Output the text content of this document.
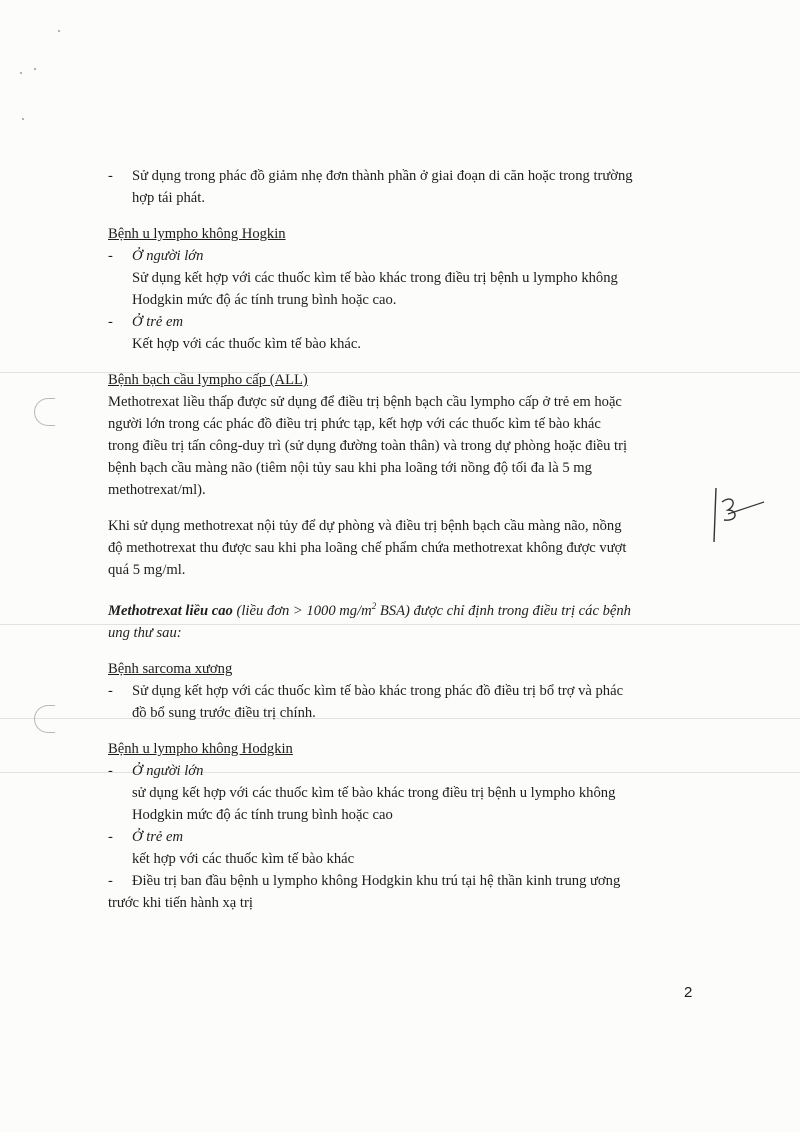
- Sử dụng trong phác đồ giảm nhẹ đơn thành phần ở giai đoạn di căn hoặc trong trường

hợp tái phát.

Bệnh u lympho không Hogkin

- Ở người lớn

Sử dụng kết hợp với các thuốc kìm tế bào khác trong điều trị bệnh u lympho không

Hodgkin mức độ ác tính trung bình hoặc cao.

- Ở trẻ em

Kết hợp với các thuốc kìm tế bào khác.

Bệnh bạch cầu lympho cấp (ALL)

Methotrexat liều thấp được sử dụng để điều trị bệnh bạch cầu lympho cấp ở trẻ em hoặc

người lớn trong các phác đồ điều trị phức tạp, kết hợp với các thuốc kìm tế bào khác

trong điều trị tấn công-duy trì (sử dụng đường toàn thân) và trong dự phòng hoặc điều trị

bệnh bạch cầu màng não (tiêm nội tủy sau khi pha loãng tới nồng độ tối đa là 5 mg

methotrexat/ml).

Khi sử dụng methotrexat nội tủy để dự phòng và điều trị bệnh bạch cầu màng não, nồng

độ methotrexat thu được sau khi pha loãng chế phẩm chứa methotrexat không được vượt

quá 5 mg/ml.

Methotrexat liều cao (liều đơn > 1000 $mg/m^2$ BSA) được chỉ định trong điều trị các bệnh

ung thư sau:

Bệnh sarcoma xương

- Sử dụng kết hợp với các thuốc kìm tế bào khác trong phác đồ điều trị bổ trợ và phác

đồ bổ sung trước điều trị chính.

Bệnh u lympho không Hodgkin

- Ở người lớn

sử dụng kết hợp với các thuốc kìm tế bào khác trong điều trị bệnh u lympho không

Hodgkin mức độ ác tính trung bình hoặc cao

- Ở trẻ em

kết hợp với các thuốc kìm tế bào khác

- Điều trị ban đầu bệnh u lympho không Hodgkin khu trú tại hệ thần kinh trung ương

trước khi tiến hành xạ trị

2
